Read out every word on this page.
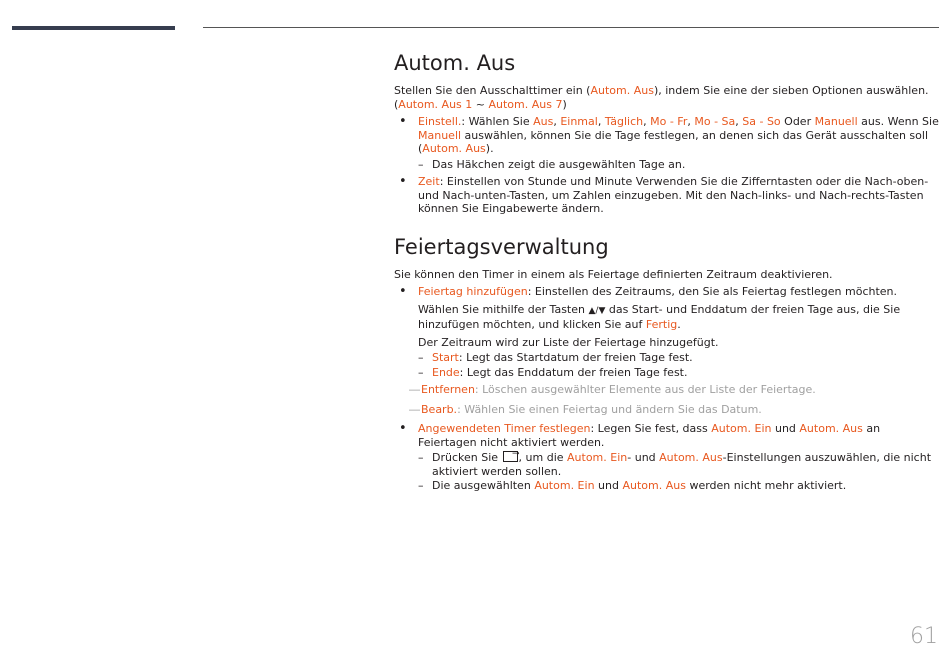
Autom. Aus

Stellen Sie den Ausschalttimer ein (Autom. Aus), indem Sie eine der sieben Optionen auswählen. (Autom. Aus 1 ~ Autom. Aus 7)

• Einstell.: Wählen Sie Aus, Einmal, Täglich, Mo - Fr, Mo - Sa, Sa - So Oder Manuell aus. Wenn Sie Manuell auswählen, können Sie die Tage festlegen, an denen sich das Gerät ausschalten soll (Autom. Aus).
– Das Häkchen zeigt die ausgewählten Tage an.
• Zeit: Einstellen von Stunde und Minute Verwenden Sie die Zifferntasten oder die Nach-oben- und Nach-unten-Tasten, um Zahlen einzugeben. Mit den Nach-links- und Nach-rechts-Tasten können Sie Eingabewerte ändern.
Feiertagsverwaltung

Sie können den Timer in einem als Feiertage definierten Zeitraum deaktivieren.

• Feiertag hinzufügen: Einstellen des Zeitraums, den Sie als Feiertag festlegen möchten.
Wählen Sie mithilfe der Tasten ▲/▼ das Start- und Enddatum der freien Tage aus, die Sie hinzufügen möchten, und klicken Sie auf Fertig.
Der Zeitraum wird zur Liste der Feiertage hinzugefügt.
– Start: Legt das Startdatum der freien Tage fest.
– Ende: Legt das Enddatum der freien Tage fest.
― Entfernen: Löschen ausgewählter Elemente aus der Liste der Feiertage.
― Bearb.: Wählen Sie einen Feiertag und ändern Sie das Datum.
• Angewendeten Timer festlegen: Legen Sie fest, dass Autom. Ein und Autom. Aus an Feiertagen nicht aktiviert werden.
– Drücken Sie →, um die Autom. Ein- und Autom. Aus-Einstellungen auszuwählen, die nicht aktiviert werden sollen.
– Die ausgewählten Autom. Ein und Autom. Aus werden nicht mehr aktiviert.
61
